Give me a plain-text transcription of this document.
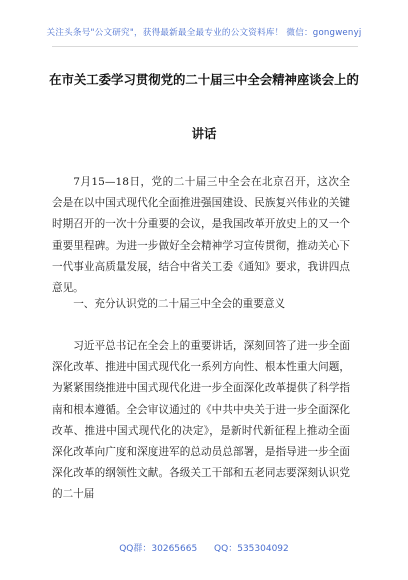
关注头条号"公文研究"，获得最新最全最专业的公文资料库！ 微信：gongwenyj
在市关工委学习贯彻党的二十届三中全会精神座谈会上的
讲话

7月15—18日，党的二十届三中全会在北京召开，这次全会是在以中国式现代化全面推进强国建设、民族复兴伟业的关键时期召开的一次十分重要的会议，是我国改革开放史上的又一个重要里程碑。为进一步做好全会精神学习宣传贯彻，推动关心下一代事业高质量发展，结合中省关工委《通知》要求，我讲四点意见。

一、充分认识党的二十届三中全会的重要意义

习近平总书记在全会上的重要讲话，深刻回答了进一步全面深化改革、推进中国式现代化一系列方向性、根本性重大问题，为紧紧围绕推进中国式现代化进一步全面深化改革提供了科学指南和根本遵循。全会审议通过的《中共中央关于进一步全面深化改革、推进中国式现代化的决定》，是新时代新征程上推动全面深化改革向广度和深度进军的总动员总部署，是指导进一步全面深化改革的纲领性文献。各级关工干部和五老同志要深刻认识党的二十届

QQ群：30265665 QQ：535304092
